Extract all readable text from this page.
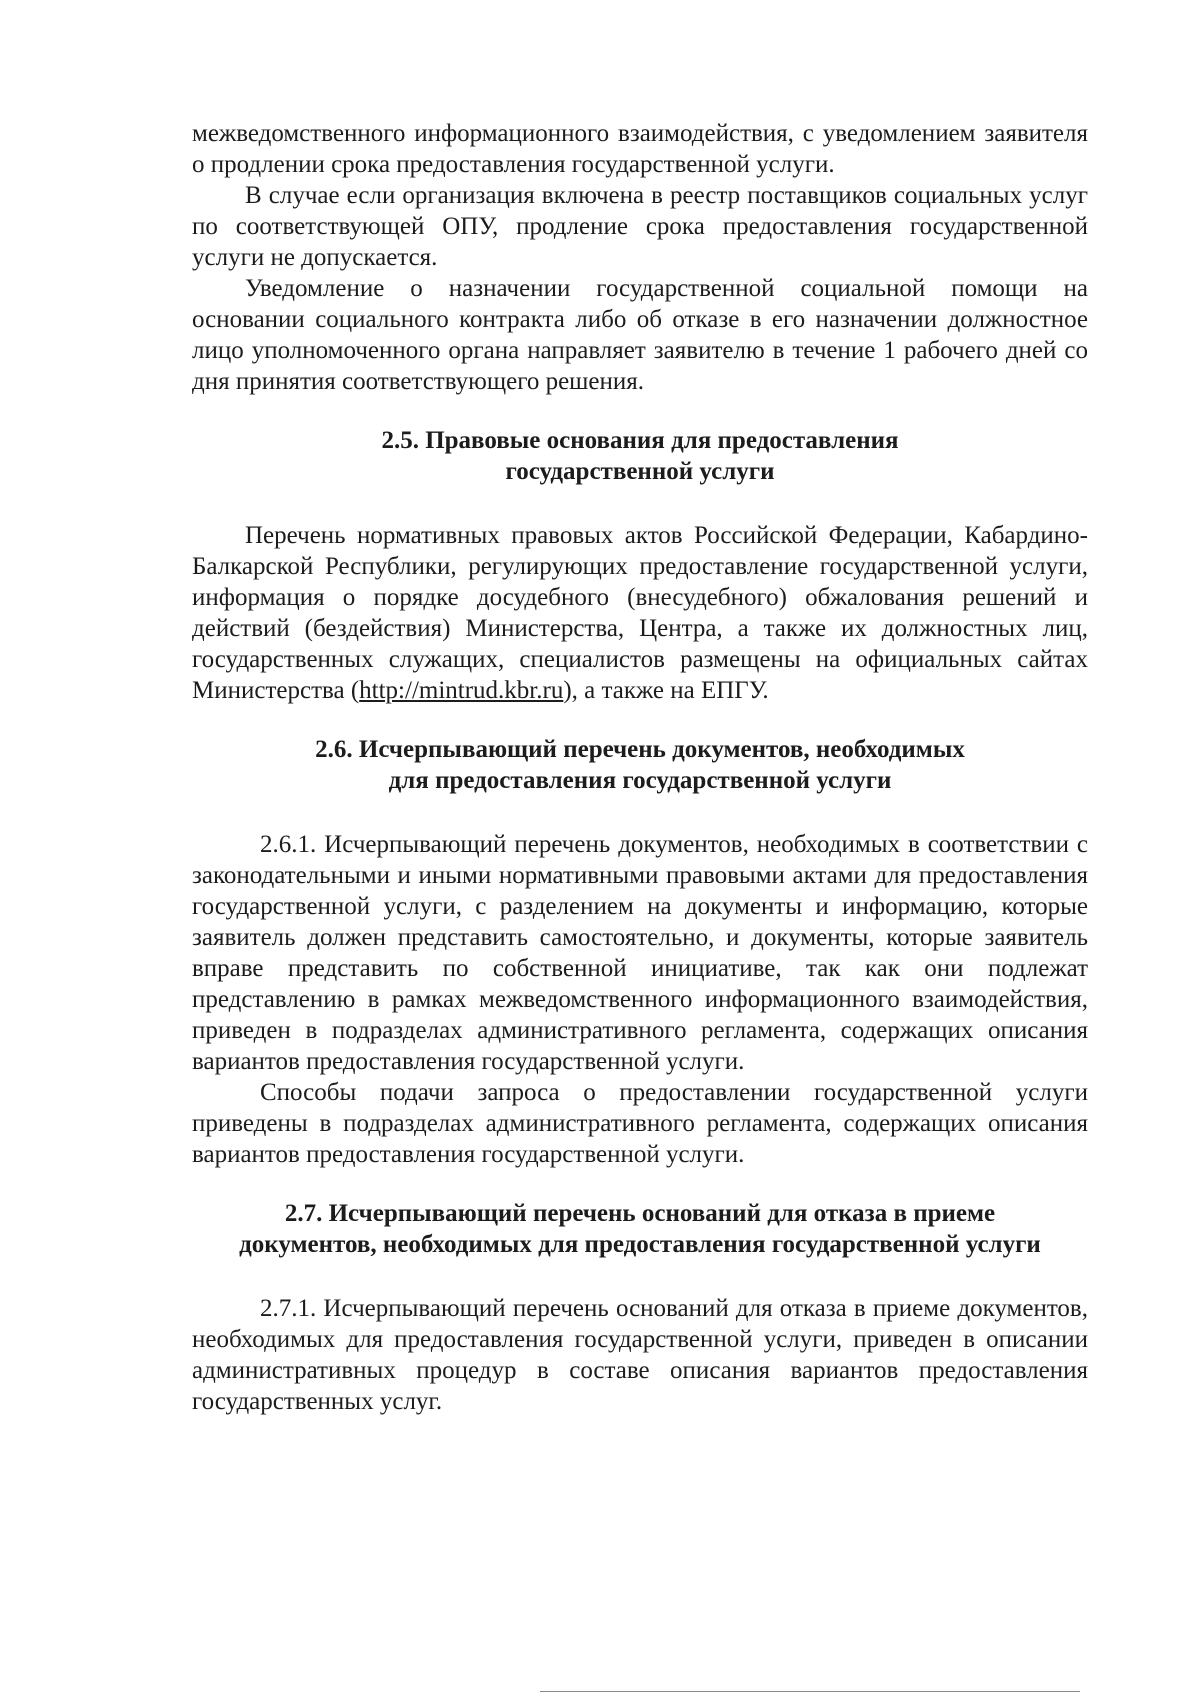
межведомственного информационного взаимодействия, с уведомлением заявителя о продлении срока предоставления государственной услуги.

В случае если организация включена в реестр поставщиков социальных услуг по соответствующей ОПУ, продление срока предоставления государственной услуги не допускается.

Уведомление о назначении государственной социальной помощи на основании социального контракта либо об отказе в его назначении должностное лицо уполномоченного органа направляет заявителю в течение 1 рабочего дней со дня принятия соответствующего решения.

2.5. Правовые основания для предоставления
государственной услуги

Перечень нормативных правовых актов Российской Федерации, Кабардино-Балкарской Республики, регулирующих предоставление государственной услуги, информация о порядке досудебного (внесудебного) обжалования решений и действий (бездействия) Министерства, Центра, а также их должностных лиц, государственных служащих, специалистов размещены на официальных сайтах Министерства (http://mintrud.kbr.ru), а также на ЕПГУ.

2.6. Исчерпывающий перечень документов, необходимых
для предоставления государственной услуги

2.6.1. Исчерпывающий перечень документов, необходимых в соответствии с законодательными и иными нормативными правовыми актами для предоставления государственной услуги, с разделением на документы и информацию, которые заявитель должен представить самостоятельно, и документы, которые заявитель вправе представить по собственной инициативе, так как они подлежат представлению в рамках межведомственного информационного взаимодействия, приведен в подразделах административного регламента, содержащих описания вариантов предоставления государственной услуги.

Способы подачи запроса о предоставлении государственной услуги приведены в подразделах административного регламента, содержащих описания вариантов предоставления государственной услуги.

2.7. Исчерпывающий перечень оснований для отказа в приеме
документов, необходимых для предоставления государственной услуги

2.7.1. Исчерпывающий перечень оснований для отказа в приеме документов, необходимых для предоставления государственной услуги, приведен в описании административных процедур в составе описания вариантов предоставления государственных услуг.
